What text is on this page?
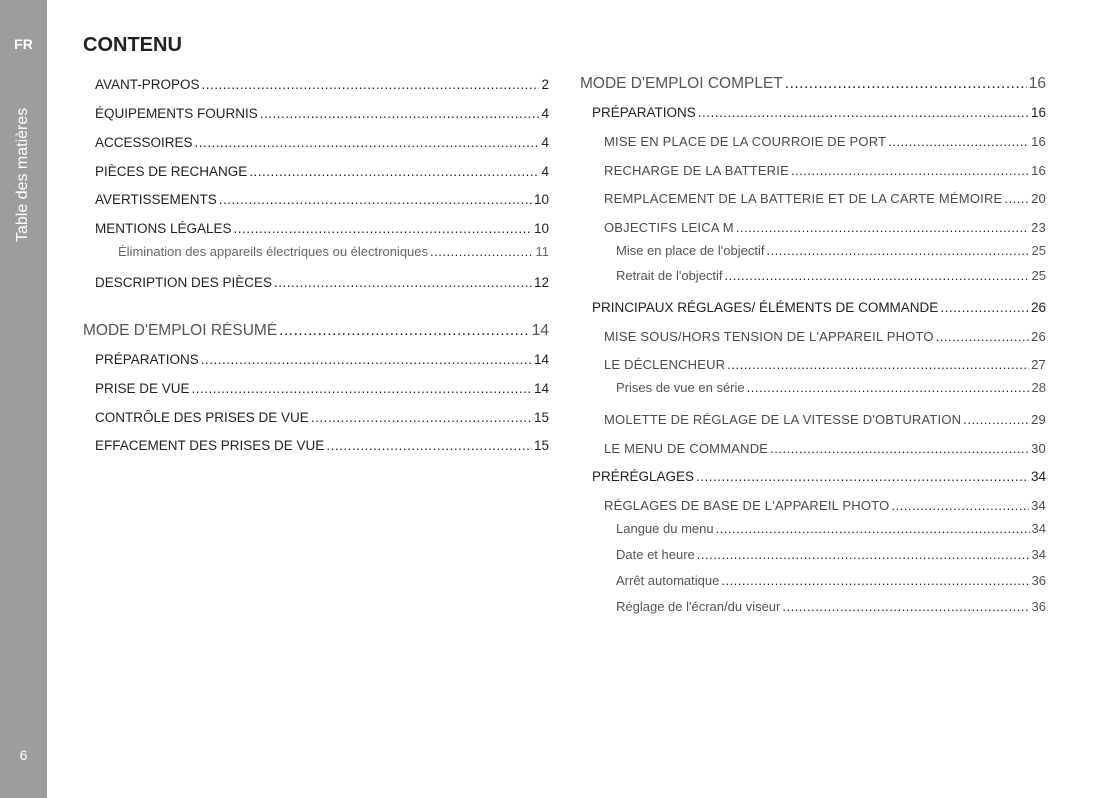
FR
Table des matières
6
CONTENU
AVANT-PROPOS .....	2
ÉQUIPEMENTS FOURNIS .....	4
ACCESSOIRES .....	4
PIÈCES DE RECHANGE .....	4
AVERTISSEMENTS .....	10
MENTIONS LÉGALES .....	10
Élimination des appareils électriques ou électroniques .....	11
DESCRIPTION DES PIÈCES .....	12
MODE D'EMPLOI RÉSUMÉ .....	14
PRÉPARATIONS .....	14
PRISE DE VUE .....	14
CONTRÔLE DES PRISES DE VUE .....	15
EFFACEMENT DES PRISES DE VUE .....	15
MODE D'EMPLOI COMPLET .....	16
PRÉPARATIONS .....	16
MISE EN PLACE DE LA COURROIE DE PORT .....	16
RECHARGE DE LA BATTERIE .....	16
REMPLACEMENT DE LA BATTERIE ET DE LA CARTE MÉMOIRE ..... 20
OBJECTIFS LEICA M .....	23
Mise en place de l'objectif .....	25
Retrait de l'objectif .....	25
PRINCIPAUX RÉGLAGES/ ÉLÉMENTS DE COMMANDE .....	26
MISE SOUS/HORS TENSION DE L'APPAREIL PHOTO .....	26
LE DÉCLENCHEUR .....	27
Prises de vue en série .....	28
MOLETTE DE RÉGLAGE DE LA VITESSE D'OBTURATION .....	29
LE MENU DE COMMANDE .....	30
PRÉRÉGLAGES .....	34
RÉGLAGES DE BASE DE L'APPAREIL PHOTO .....	34
Langue du menu .....	34
Date et heure .....	34
Arrêt automatique .....	36
Réglage de l'écran/du viseur .....	36
